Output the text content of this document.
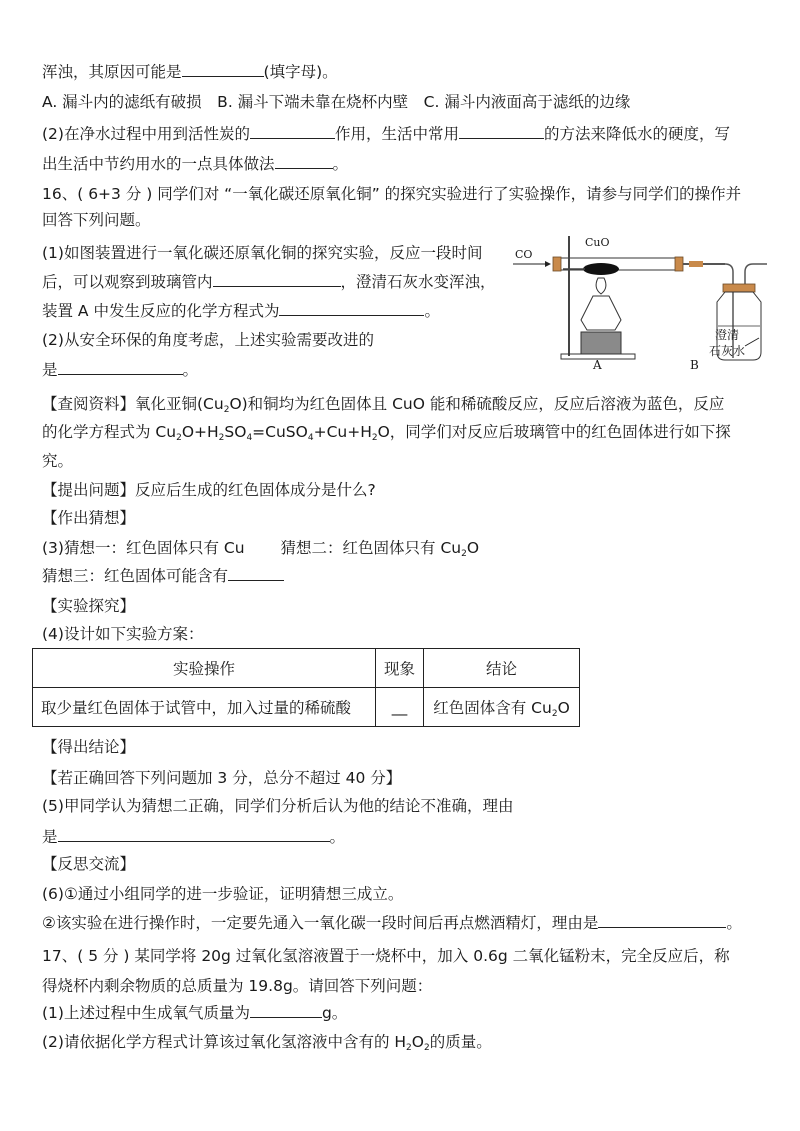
浑浊，其原因可能是	(填字母)。
A. 漏斗内的滤纸有破损　B. 漏斗下端未靠在烧杯内壁　C. 漏斗内液面高于滤纸的边缘
(2)在净水过程中用到活性炭的	作用，生活中常用	的方法来降低水的硬度，写
出生活中节约用水的一点具体做法	。
16、( 6+3 分 ) 同学们对 “一氧化碳还原氧化铜” 的探究实验进行了实验操作，请参与同学们的操作并
回答下列问题。
(1)如图装置进行一氧化碳还原氧化铜的探究实验，反应一段时间
后，可以观察到玻璃管内	，澄清石灰水变浑浊，
装置 A 中发生反应的化学方程式为	。
(2)从安全环保的角度考虑，上述实验需要改进的
是	。
CO
CuO
澄清
石灰水
A	B
【查阅资料】氧化亚铜$(Cu_2O)$和铜均为红色固体且 CuO 能和稀硫酸反应，反应后溶液为蓝色，反应
的化学方程式为 $Cu_2O+H_2SO_4=CuSO_4+Cu+H_2O$，同学们对反应后玻璃管中的红色固体进行如下探
究。
【提出问题】反应后生成的红色固体成分是什么?
【作出猜想】
(3)猜想一：红色固体只有 Cu 猜想二：红色固体只有 $Cu_2O$
猜想三：红色固体可能含有
【实验探究】
(4)设计如下实验方案：
实验操作	现象	结论
取少量红色固体于试管中，加入过量的稀硫酸	__	红色固体含有 $Cu_2O$
【得出结论】
【若正确回答下列问题加 3 分，总分不超过 40 分】
(5)甲同学认为猜想二正确，同学们分析后认为他的结论不准确，理由
是	。
【反思交流】
(6)①通过小组同学的进一步验证，证明猜想三成立。
②该实验在进行操作时，一定要先通入一氧化碳一段时间后再点燃酒精灯，理由是	。
17、( 5 分 ) 某同学将 20g 过氧化氢溶液置于一烧杯中，加入 0.6g 二氧化锰粉末，完全反应后，称
得烧杯内剩余物质的总质量为 19.8g。请回答下列问题：
(1)上述过程中生成氧气质量为	g。
(2)请依据化学方程式计算该过氧化氢溶液中含有的 $H_2O_2$的质量。
